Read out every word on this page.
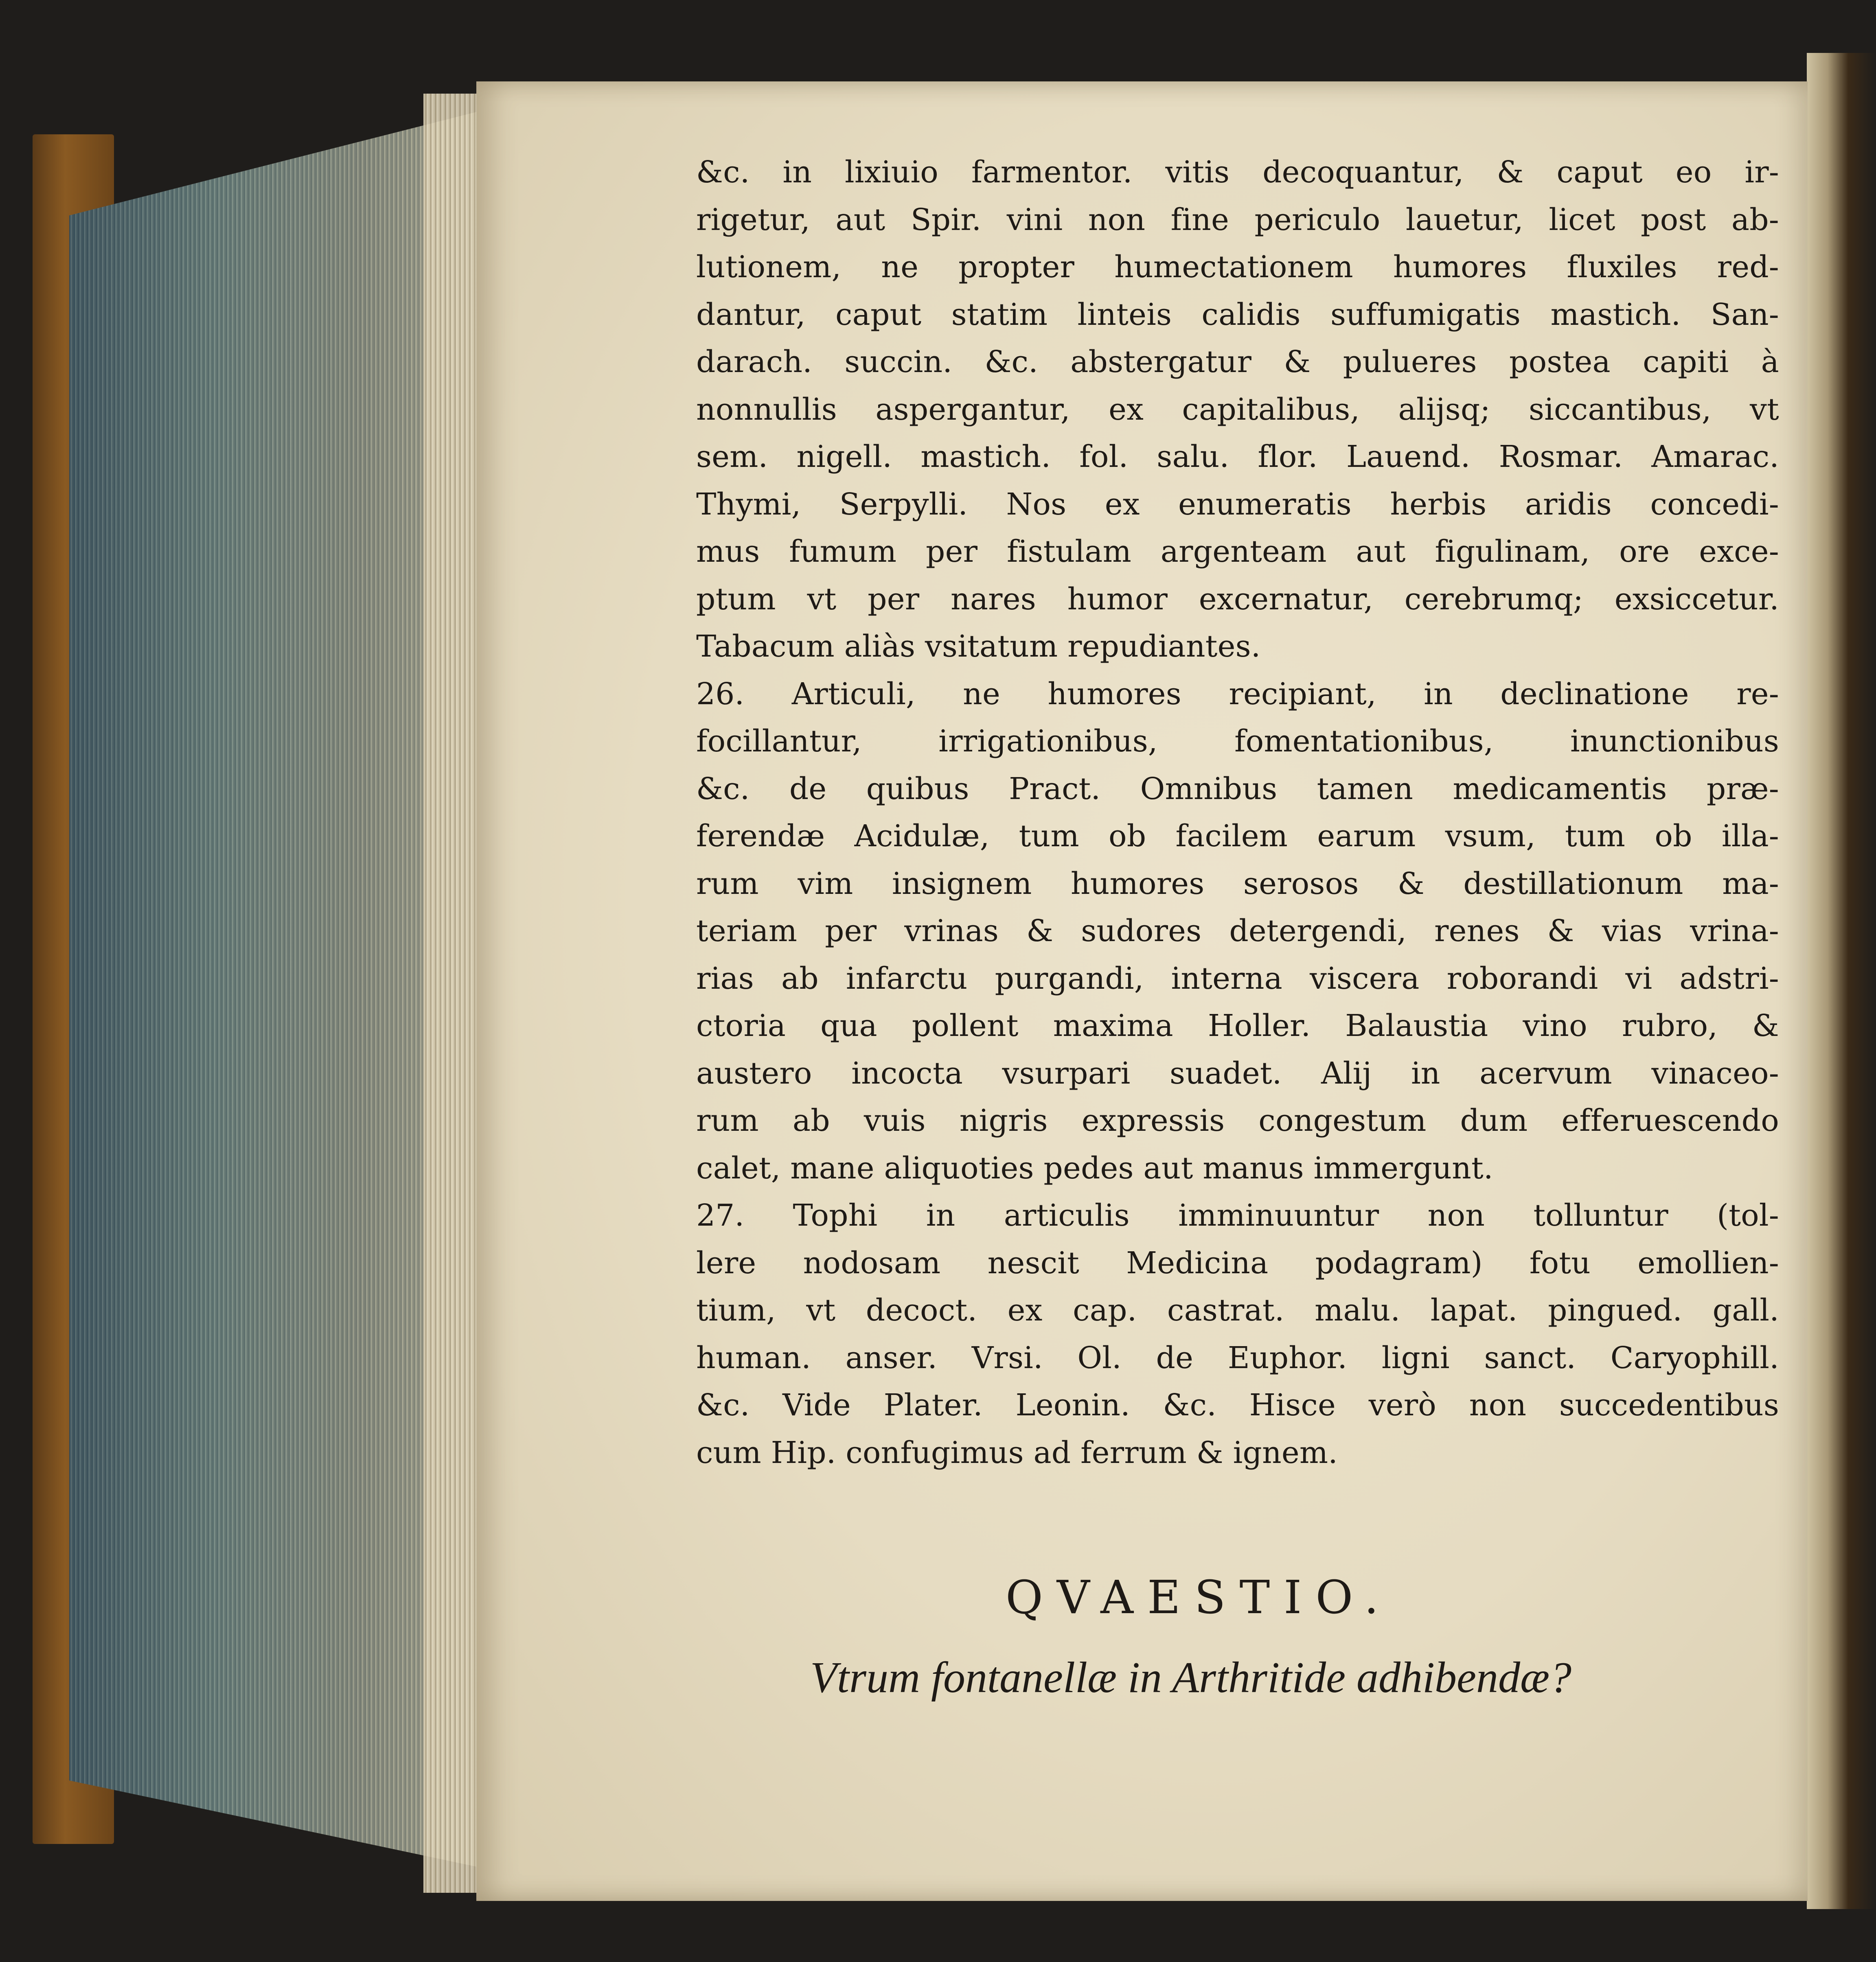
&c. in lixiuio farmentor. vitis decoquantur, & caput eo ir-
rigetur, aut Spir. vini non fine periculo lauetur, licet post ab-
lutionem, ne propter humectationem humores fluxiles red-
dantur, caput statim linteis calidis suffumigatis mastich. San-
darach. succin. &c. abstergatur & pulueres postea capiti à
nonnullis aspergantur, ex capitalibus, alijsq; siccantibus, vt
sem. nigell. mastich. fol. salu. flor. Lauend. Rosmar. Amarac.
Thymi, Serpylli. Nos ex enumeratis herbis aridis concedi-
mus fumum per fistulam argenteam aut figulinam, ore exce-
ptum vt per nares humor excernatur, cerebrumq; exsiccetur.
Tabacum aliàs vsitatum repudiantes.
26. Articuli, ne humores recipiant, in declinatione re-
focillantur, irrigationibus, fomentationibus, inunctionibus
&c. de quibus Pract. Omnibus tamen medicamentis præ-
ferendæ Acidulæ, tum ob facilem earum vsum, tum ob illa-
rum vim insignem humores serosos & destillationum ma-
teriam per vrinas & sudores detergendi, renes & vias vrina-
rias ab infarctu purgandi, interna viscera roborandi vi adstri-
ctoria qua pollent maxima Holler. Balaustia vino rubro, &
austero incocta vsurpari suadet. Alij in acervum vinaceo-
rum ab vuis nigris expressis congestum dum efferuescendo
calet, mane aliquoties pedes aut manus immergunt.
27. Tophi in articulis imminuuntur non tolluntur (tol-
lere nodosam nescit Medicina podagram) fotu emollien-
tium, vt decoct. ex cap. castrat. malu. lapat. pingued. gall.
human. anser. Vrsi. Ol. de Euphor. ligni sanct. Caryophill.
&c. Vide Plater. Leonin. &c. Hisce verò non succedentibus
cum Hip. confugimus ad ferrum & ignem.
QVAESTIO.
Vtrum fontanellæ in Arthritide adhibendæ?
